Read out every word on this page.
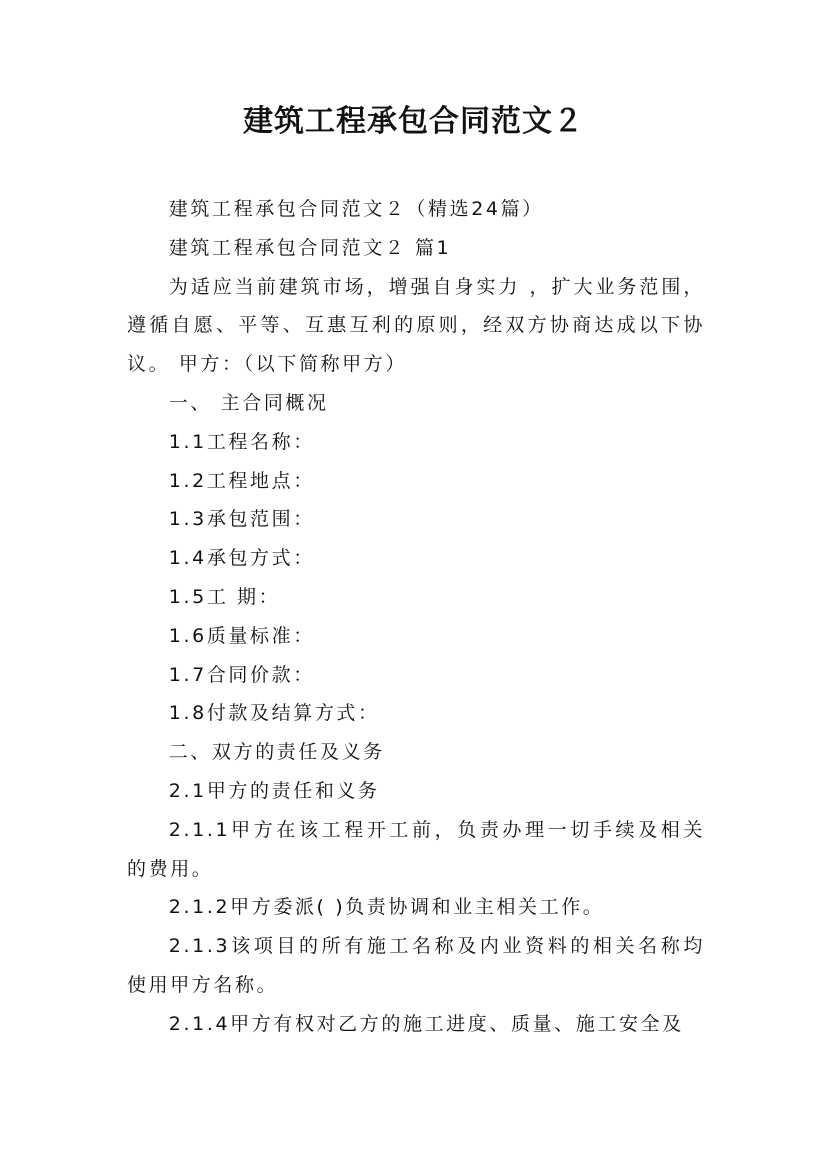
建筑工程承包合同范文２

建筑工程承包合同范文２（精选24篇）

建筑工程承包合同范文２ 篇1

为适应当前建筑市场，增强自身实力 ，扩大业务范围，遵循自愿、平等、互惠互利的原则，经双方协商达成以下协议。 甲方：（以下简称甲方）

一、 主合同概况

1.1工程名称：

1.2工程地点：

1.3承包范围：

1.4承包方式：

1.5工 期：

1.6质量标准：

1.7合同价款：

1.8付款及结算方式：

二、双方的责任及义务

2.1甲方的责任和义务

2.1.1甲方在该工程开工前，负责办理一切手续及相关的费用。

2.1.2甲方委派( )负责协调和业主相关工作。

2.1.3该项目的所有施工名称及内业资料的相关名称均使用甲方名称。

2.1.4甲方有权对乙方的施工进度、质量、施工安全及
